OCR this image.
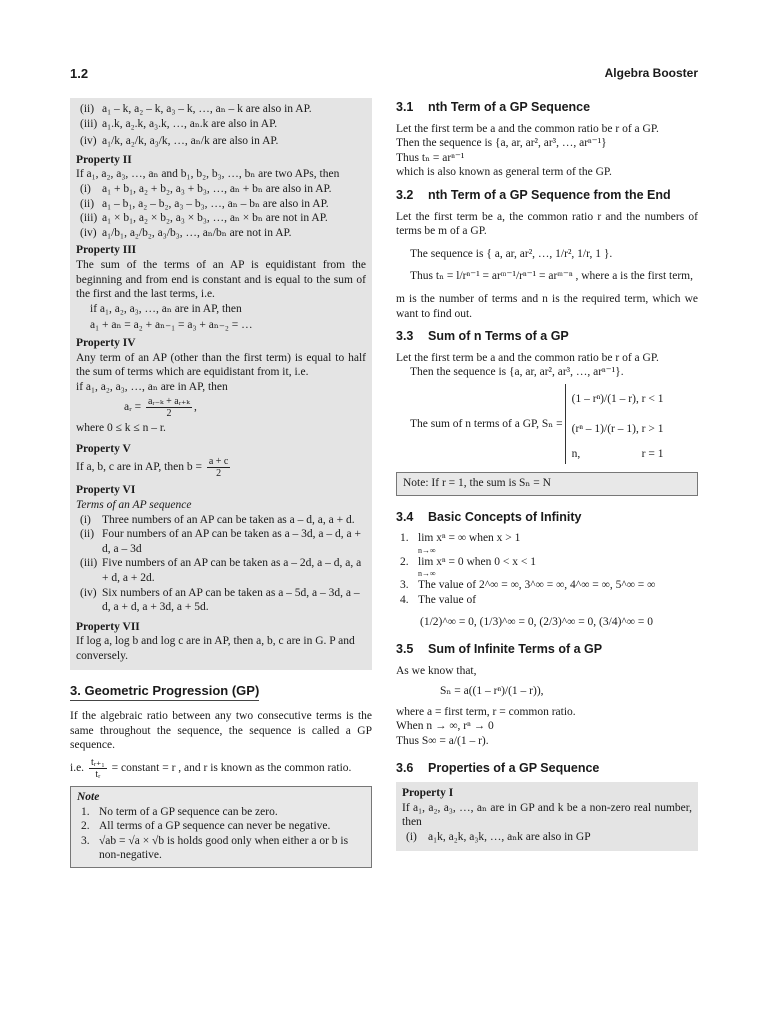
1.2	Algebra Booster
(ii) a₁ – k, a₂ – k, a₃ – k, …, aₙ – k are also in AP.
(iii) a₁.k, a₂.k, a₃.k, …, aₙ.k are also in AP.
(iv) a₁/k, a₂/k, a₃/k, …, aₙ/k are also in AP.
Property II
If a₁, a₂, a₃, …, aₙ and b₁, b₂, b₃, …, bₙ are two APs, then
(i) a₁ + b₁, a₂ + b₂, a₃ + b₃, …, aₙ + bₙ are also in AP.
(ii) a₁ – b₁, a₂ – b₂, a₃ – b₃, …, aₙ – bₙ are also in AP.
(iii) a₁ × b₁, a₂ × b₂, a₃ × b₃, …, aₙ × bₙ are not in AP.
(iv) a₁/b₁, a₂/b₂, a₃/b₃, …, aₙ/bₙ are not in AP.
Property III
The sum of the terms of an AP is equidistant from the beginning and from end is constant and is equal to the sum of the first and the last terms, i.e.
if a₁, a₂, a₃, …, aₙ are in AP, then
a₁ + aₙ = a₂ + aₙ₋₁ = a₃ + aₙ₋₂ = …
Property IV
Any term of an AP (other than the first term) is equal to half the sum of terms which are equidistant from it, i.e.
if a₁, a₂, a₃, …, aₙ are in AP, then
aᵣ = $\frac{\text{aᵣ₋ₖ + aᵣ₊ₖ}}{2}$ ,
where 0 ≤ k ≤ n – r.
Property V
If a, b, c are in AP, then $b = \frac{a + c}{2}$
Property VI
Terms of an AP sequence
(i) Three numbers of an AP can be taken as a – d, a, a + d.
(ii) Four numbers of an AP can be taken as a – 3d, a – d, a + d, a – 3d
(iii) Five numbers of an AP can be taken as a – 2d, a – d, a, a + d, a + 2d.
(iv) Six numbers of an AP can be taken as a – 5d, a – 3d, a – d, a + d, a + 3d, a + 5d.
Property VII
If log a, log b and log c are in AP, then a, b, c are in G. P and conversely.
3. Geometric Progression (GP)
If the algebraic ratio between any two consecutive terms is the same throughout the sequence, the sequence is called a GP sequence.
i.e. $\frac{\text{tᵣ₊₁}}{\text{tᵣ}}$ = constant = r , and r is known as the common ratio.
Note
1. No term of a GP sequence can be zero.
2. All terms of a GP sequence can never be negative.
3. √ab = √a × √b is holds good only when either a or b is non-negative.
3.1 nth Term of a GP Sequence
Let the first term be a and the common ratio be r of a GP.
Then the sequence is {a, ar, ar², ar³, …, arⁿ⁻¹}
Thus tₙ = arⁿ⁻¹
which is also known as general term of the GP.
3.2 nth Term of a GP Sequence from the End
Let the first term be a, the common ratio r and the numbers of terms be m of a GP.
The sequence is { a, ar, ar², …, 1/r², 1/r, 1 }.
Thus tₙ = l/rⁿ⁻¹ = arᵐ⁻¹/rⁿ⁻¹ = arᵐ⁻ⁿ , where a is the first term,
m is the number of terms and n is the required term, which we want to find out.
3.3 Sum of n Terms of a GP
Let the first term be a and the common ratio be r of a GP.
Then the sequence is {a, ar, ar², ar³, …, arⁿ⁻¹}.
The sum of n terms of a GP, Sₙ =
(1 – rⁿ)/(1 – r), r < 1
(rⁿ – 1)/(r – 1), r > 1
n,	r = 1
Note: If r = 1, the sum is Sₙ = N
3.4 Basic Concepts of Infinity
1. lim xⁿ = ∞ when x > 1
n→∞
2. lim xⁿ = 0 when 0 < x < 1
n→∞
3. The value of 2^∞ = ∞, 3^∞ = ∞, 4^∞ = ∞, 5^∞ = ∞
4. The value of
(1/2)^∞ = 0, (1/3)^∞ = 0, (2/3)^∞ = 0, (3/4)^∞ = 0
3.5 Sum of Infinite Terms of a GP
As we know that,
Sₙ = a((1 – rⁿ)/(1 – r)),
where a = first term, r = common ratio.
When n → ∞, rⁿ → 0
Thus S∞ = a/(1 – r).
3.6 Properties of a GP Sequence
Property I
If a₁, a₂, a₃, …, aₙ are in GP and k be a non-zero real number, then
(i) a₁k, a₂k, a₃k, …, aₙk are also in GP
